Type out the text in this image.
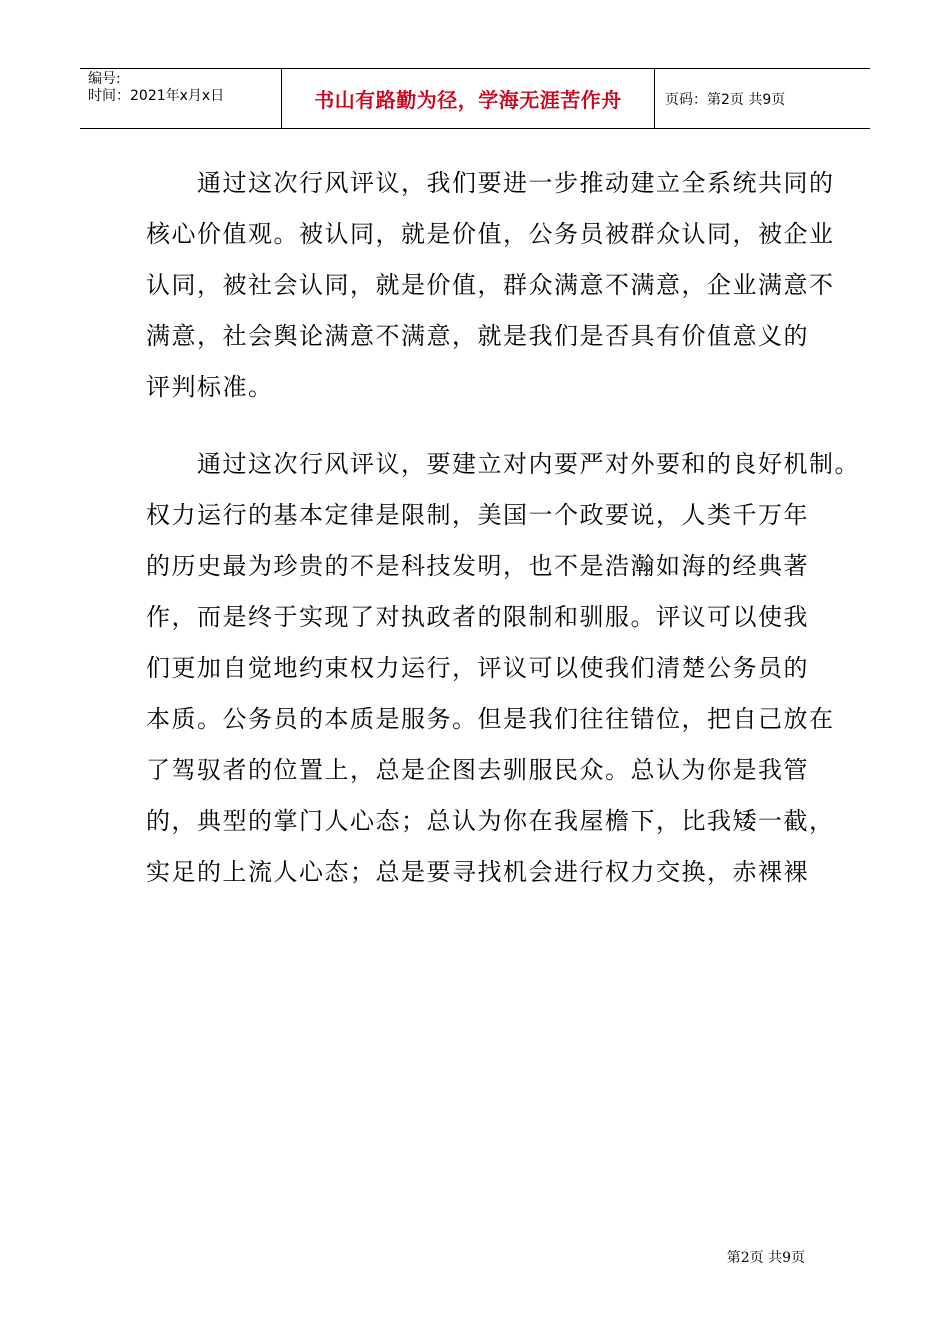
编号:
时间：2021年x月x日	书山有路勤为径，学海无涯苦作舟	页码：第2页 共9页

　　通过这次行风评议，我们要进一步推动建立全系统共同的

核心价值观。被认同，就是价值，公务员被群众认同，被企业

认同，被社会认同，就是价值，群众满意不满意，企业满意不

满意，社会舆论满意不满意，就是我们是否具有价值意义的

评判标准。

　　通过这次行风评议，要建立对内要严对外要和的良好机制。

权力运行的基本定律是限制，美国一个政要说，人类千万年

的历史最为珍贵的不是科技发明，也不是浩瀚如海的经典著

作，而是终于实现了对执政者的限制和驯服。评议可以使我

们更加自觉地约束权力运行，评议可以使我们清楚公务员的

本质。公务员的本质是服务。但是我们往往错位，把自己放在

了驾驭者的位置上，总是企图去驯服民众。总认为你是我管

的，典型的掌门人心态；总认为你在我屋檐下，比我矮一截，

实足的上流人心态；总是要寻找机会进行权力交换，赤裸裸

第2页 共9页
